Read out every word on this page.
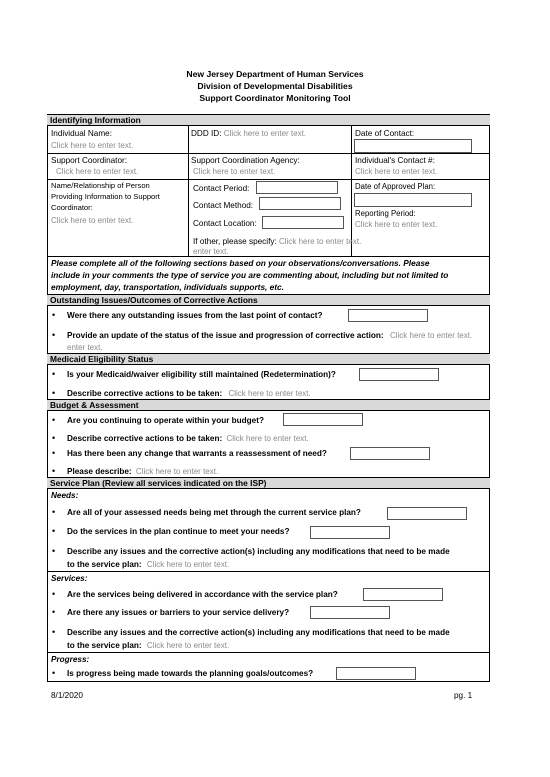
New Jersey Department of Human Services
Division of Developmental Disabilities
Support Coordinator Monitoring Tool
Identifying Information
Individual Name:
Click here to enter text.
DDD ID: Click here to enter text.	Date of Contact:
Support Coordinator:
Click here to enter text.
Support Coordination Agency:
Click here to enter text.
Individual's Contact #:
Click here to enter text.
Name/Relationship of Person
Providing Information to Support
Coordinator:
Click here to enter text.
Contact Period:
Contact Method:
Contact Location:
If other, please specify: Click here to enter text.
enter text.
Date of Approved Plan:
Reporting Period:
Click here to enter text.
Please complete all of the following sections based on your observations/conversations. Please
include in your comments the type of service you are commenting about, including but not limited to
employment, day, transportation, individuals supports, etc.
Outstanding Issues/Outcomes of Corrective Actions
• Were there any outstanding issues from the last point of contact?
• Provide an update of the status of the issue and progression of corrective action: Click here to enter text.
enter text.
Medicaid Eligibility Status
• Is your Medicaid/waiver eligibility still maintained (Redetermination)?
• Describe corrective actions to be taken: Click here to enter text.
Budget & Assessment
• Are you continuing to operate within your budget?
• Describe corrective actions to be taken: Click here to enter text.
• Has there been any change that warrants a reassessment of need?
• Please describe: Click here to enter text.
Service Plan (Review all services indicated on the ISP)
Needs:
• Are all of your assessed needs being met through the current service plan?
• Do the services in the plan continue to meet your needs?
• Describe any issues and the corrective action(s) including any modifications that need to be made
to the service plan: Click here to enter text.
Services:
• Are the services being delivered in accordance with the service plan?
• Are there any issues or barriers to your service delivery?
• Describe any issues and the corrective action(s) including any modifications that need to be made
to the service plan: Click here to enter text.
Progress:
• Is progress being made towards the planning goals/outcomes?
8/1/2020	pg. 1
